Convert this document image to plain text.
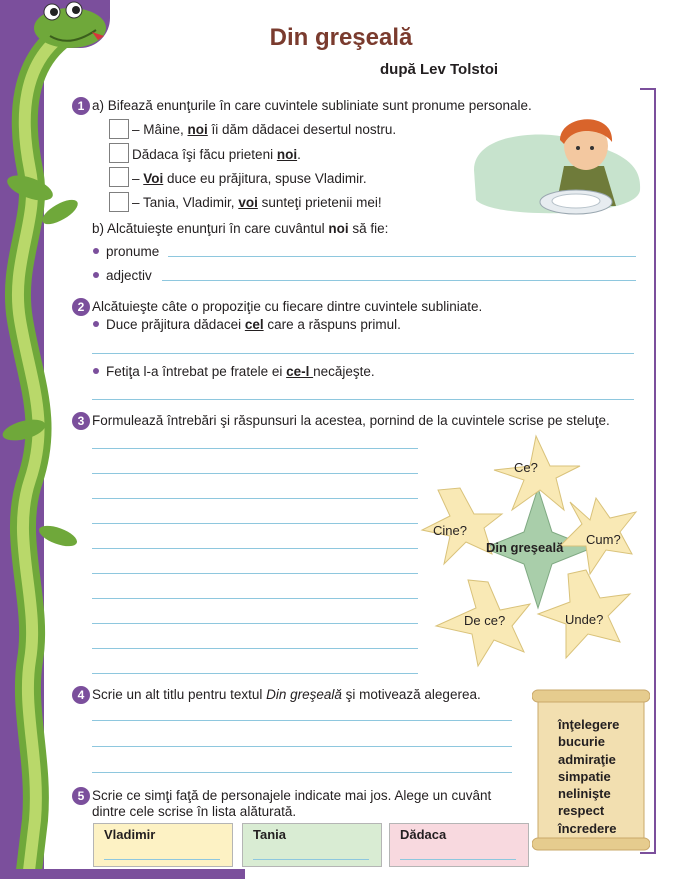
Din greşeală
după Lev Tolstoi
1 a) Bifează enunţurile în care cuvintele subliniate sunt pronume personale.
– Mâine, noi îi dăm dădacei desertul nostru.
Dădaca îşi făcu prieteni noi.
– Voi duce eu prăjitura, spuse Vladimir.
– Tania, Vladimir, voi sunteţi prietenii mei!
b) Alcătuieşte enunţuri în care cuvântul noi să fie:
pronume
adjectiv
2 Alcătuieşte câte o propoziţie cu fiecare dintre cuvintele subliniate.
Duce prăjitura dădacei cel care a răspuns primul.
Fetiţa l-a întrebat pe fratele ei ce-l necăjeşte.
3 Formulează întrebări şi răspunsuri la acestea, pornind de la cuvintele scrise pe steluţe.
Din greşeală
Ce?
Cine?
Cum?
De ce?	Unde?
4 Scrie un alt titlu pentru textul Din greşeală şi motivează alegerea.
5 Scrie ce simţi faţă de personajele indicate mai jos. Alege un cuvânt
dintre cele scrise în lista alăturată.
Vladimir	Tania	Dădaca
înţelegere
bucurie
admiraţie
simpatie
nelinişte
respect
încredere
